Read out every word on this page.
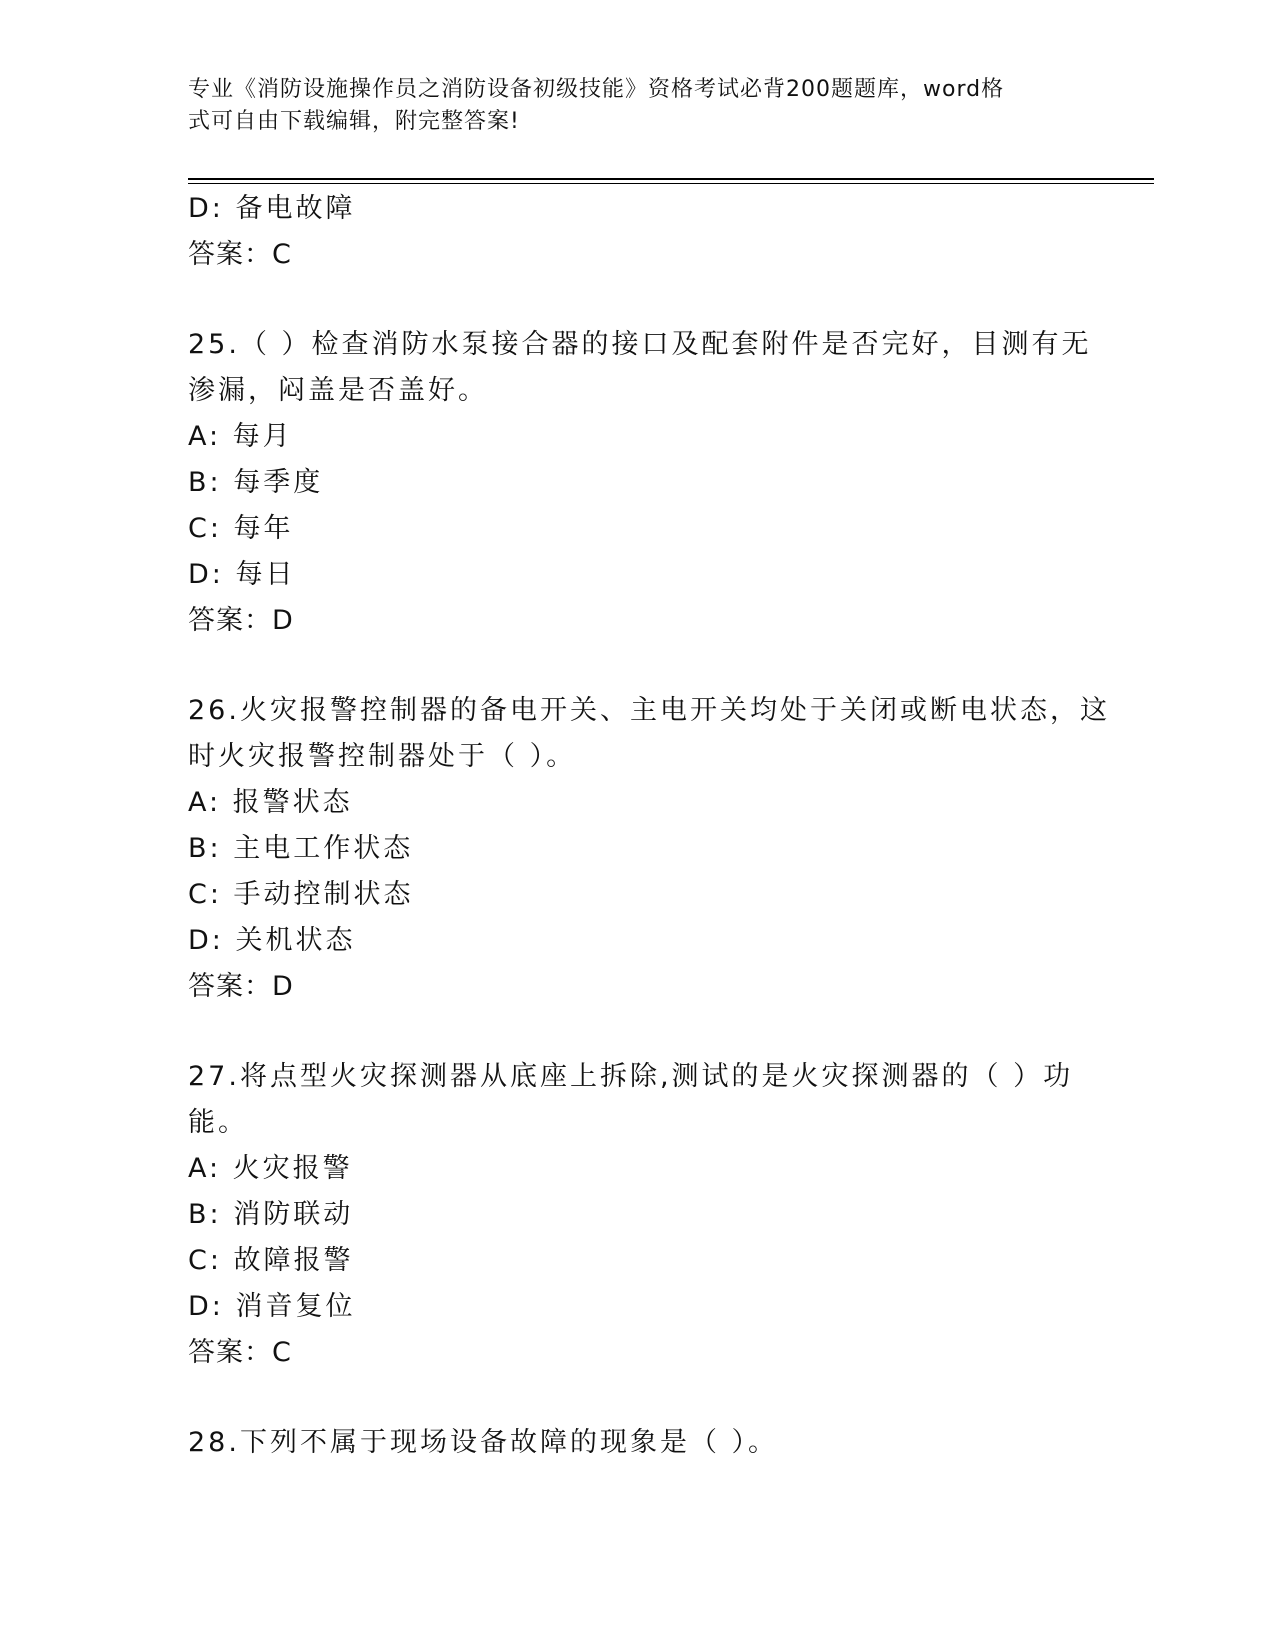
专业《消防设施操作员之消防设备初级技能》资格考试必背200题题库，word格
式可自由下载编辑，附完整答案!
D: 备电故障
答案：C
25.（ ）检查消防水泵接合器的接口及配套附件是否完好，目测有无
渗漏，闷盖是否盖好。
A: 每月
B: 每季度
C: 每年
D: 每日
答案：D
26.火灾报警控制器的备电开关、主电开关均处于关闭或断电状态，这
时火灾报警控制器处于（ ）。
A: 报警状态
B: 主电工作状态
C: 手动控制状态
D: 关机状态
答案：D
27.将点型火灾探测器从底座上拆除,测试的是火灾探测器的（ ）功
能。
A: 火灾报警
B: 消防联动
C: 故障报警
D: 消音复位
答案：C
28.下列不属于现场设备故障的现象是（ ）。
